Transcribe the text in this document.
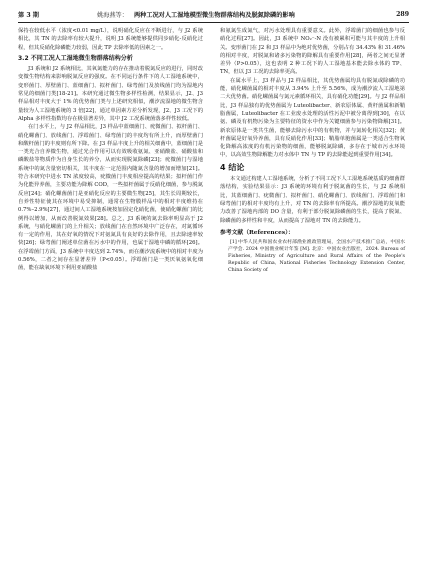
第 3 期	姚海燕等： 两种工况对人工湿地模型微生物群落结构及脱氮除磷的影响	289

保持在较低水平（浓度<0.01 mg/L），说明硝化反应在不断进行，与 J2 系统相比，其 TN 的去除率有较大提升，说明 J3 系统能够提供同步硝化-反硝化过程，但其反硝化除磷能力较弱，因此 TP 去除率低的因素之一。

3.2 不同工况人工湿地微生物群落结构分析

J3 系统和 J2 系统相比，其氧氮能力的存在推动着脱氮反应的进行，同时改变微生物结构来影响脱氮反应的强度。在不同运行条件下的人工湿地系统中，变形菌门、厚壁菌门、蓝细菌门、拟杆菌门、绿弯菌门及放线菌门均为湿地内常见的细菌门类[18-21]。本研究通过微生物多样性检测，结果显示，J2、J3 样品相对丰度大于 1% 的优势菌门类与上述研究相似，潮汐流湿地的微生物含量较为人工湿地系统的 3 倍[22]，通过单因素方差分析发现，J2、J3 工况下的 Alpha 多样性指数均存在极显著差异，其中 J2 工况系统菌落多样性较低。

在门水平上，与 J2 样品相比，J3 样品中蓝细菌门、疣微菌门、拟杆菌门、硝化螺菌门、放线菌门、浮霉菌门、绿弯菌门的丰度均有所上升，而厚壁菌门和酸杆菌门的丰度则有所下降。在 J3 样品丰度上升的相关细菌中，蓝细菌门是一类光合自养微生物，通过光合作用可以有效吸收氨氮、亚硝酸盐、硝酸盐和磷酸盐等物质作为自身生长的养分，从而实现脱氮除磷[23]；疣微菌门与湿地系统中的氮含量密切相关，其丰度在一定范围内随氮含量的增加而增加[21]。符合本研究中进水 TN 浓度较高，疣微菌门丰度相应提高的结果；拟杆菌门作为化能异养菌，主要功能为降解 COD，一些拟杆菌属于反硝化细菌，参与脱氮反应[24]；硝化螺菌菌门是亚硝化反应的主要微生物[25]，其生长周期较长，自养性特征使其在环境中易受抑制，通常在生物膜样品中的相对丰度维持在 0.7%–2.9%[27]，通过间人工湿地系统按加固定化硝化菌，使硝化螺菌门的比例得以增加，从而改善脱氮效果[28]。总之，J3 系统的氮去除率明显高于 J2 系统，与硝化螺菌门的上升相关；放线菌门在自然环境中广泛存在，对氮循环有一定的作用，其在好氧的情况下对氨氮具有良好的去除作用，且去除速率较快[26]；绿弯菌门阐述单位菌在污水中的作用，也属于湿地中磷的循环[26]。在浮霉菌门方面，J3 系统中丰度达到 2.74%，而在潮汐流系统中的相对丰度为 0.56%，二者之间存在显著差异（P<0.05）。浮霉菌门是一类厌氧氨氧化细菌，能在缺氧环境下利用亚硝酸盐

和氨氮生成氮气，对污水处理具有重要意义。此外，浮霉菌门的细菌也参与反硝化过程[27]。因此，J3 系统中 NO₂⁻-N 没有被累积可能与其丰度的上升相关。变形菌门在 J2 和 J3 样品中为绝对优势菌，分别占有 34.43% 和 31.46% 的相对丰度，对脱氮和诸多污染物的降解具有重要作用[28]，两者之间无显著差异（P>0.05），这也表明 2 种工况下的人工湿地基本能去除水体的 TP、TN，但以 J3 工况的去除率更高。

在属水平上，J3 样品与 J2 样品相比，其优势菌属均具有脱氮或除磷的功能，硝化螺菌属的相对丰度从 3.94% 上升至 5.56%，成为潮汐流人工湿地第二大优势菌。硝化螺菌属与氮元素循环相关，具有硝化功能[29]。与 J2 样品相比，J3 样品独有的优势菌属为 Luteolibacter、新农原体属、黄杆菌属和新鞘脂菌属，Luteolibacter 在工业废水处理的活性污泥中被分离得到[30]，在以氨、磷及有机物污染为主要特征的资水中作为关键细菌参与污染物降解[31]。新农原体是一类共生菌，能够去除污水中的有机物，并与氮转化相关[32]；黄杆菌属是好氧异养菌，具有反硝化作用[33]；鞘脂单胞菌属是一类适合生物氧化降解高浓度的有机污染物的细菌，能够脱氮除磷，多存在于城市污水环境中，以高效生物降解能力对水体中 TN 与 TP 的去除能起到重要作用[34]。

4 结论

本文通过构建人工湿地系统，分析了不同工况下人工湿地系统基质的细菌群落结构，实验结果显示：J3 系统的环境有利于脱氮菌的生长，与 J2 系统相比，其蓝细菌门、疣微菌门、拟杆菌门、硝化螺菌门、放线菌门、浮霉菌门和绿弯菌门的相对丰度均有上升，对 TN 的去除率有所提高。潮汐湿地的复氧能力改善了湿地内部的 DO 含量，有利于部分脱氮除磷菌的生长，提高了脱氮、除磷菌的多样性和丰度，从而提高了湿地对 TN 的去除能力。

参考文献（References）：

[1] 中华人民共和国农业农村部渔业渔政管理局，全国水产技术推广总站，中国水产学会. 2024 中国渔业统计年鉴 [M]. 北京：中国农业出版社，2024. Bureau of Fisheries, Ministry of Agriculture and Rural Affairs of the People's Republic of China, National Fisheries Technology Extension Center, China Society of
